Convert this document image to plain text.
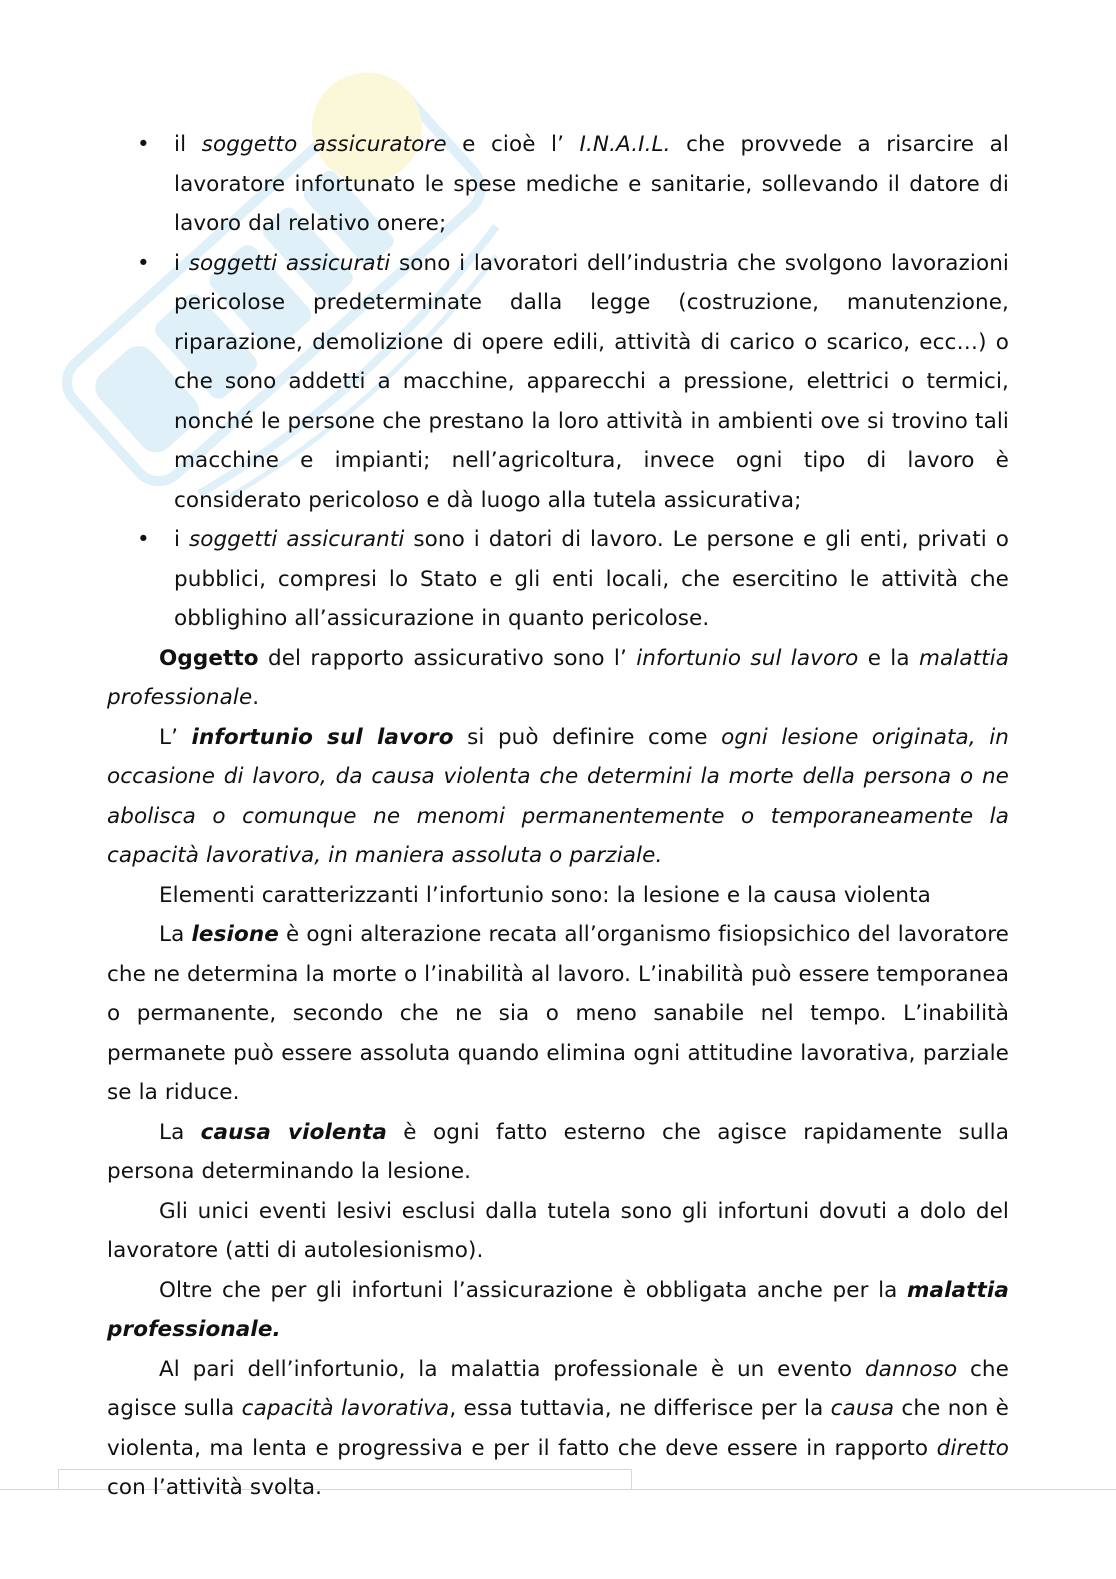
• il soggetto assicuratore e cioè l’ I.N.A.I.L. che provvede a risarcire al lavoratore infortunato le spese mediche e sanitarie, sollevando il datore di lavoro dal relativo onere;
• i soggetti assicurati sono i lavoratori dell’industria che svolgono lavorazioni pericolose predeterminate dalla legge (costruzione, manutenzione, riparazione, demolizione di opere edili, attività di carico o scarico, ecc…) o che sono addetti a macchine, apparecchi a pressione, elettrici o termici, nonché le persone che prestano la loro attività in ambienti ove si trovino tali macchine e impianti; nell’agricoltura, invece ogni tipo di lavoro è considerato pericoloso e dà luogo alla tutela assicurativa;
• i soggetti assicuranti sono i datori di lavoro. Le persone e gli enti, privati o pubblici, compresi lo Stato e gli enti locali, che esercitino le attività che obblighino all’assicurazione in quanto pericolose.

Oggetto del rapporto assicurativo sono l’ infortunio sul lavoro e la malattia professionale.

L’ infortunio sul lavoro si può definire come ogni lesione originata, in occasione di lavoro, da causa violenta che determini la morte della persona o ne abolisca o comunque ne menomi permanentemente o temporaneamente la capacità lavorativa, in maniera assoluta o parziale.

Elementi caratterizzanti l’infortunio sono: la lesione e la causa violenta

La lesione è ogni alterazione recata all’organismo fisiopsichico del lavoratore che ne determina la morte o l’inabilità al lavoro. L’inabilità può essere temporanea o permanente, secondo che ne sia o meno sanabile nel tempo. L’inabilità permanete può essere assoluta quando elimina ogni attitudine lavorativa, parziale se la riduce.

La causa violenta è ogni fatto esterno che agisce rapidamente sulla persona determinando la lesione.

Gli unici eventi lesivi esclusi dalla tutela sono gli infortuni dovuti a dolo del lavoratore (atti di autolesionismo).

Oltre che per gli infortuni l’assicurazione è obbligata anche per la malattia professionale.

Al pari dell’infortunio, la malattia professionale è un evento dannoso che agisce sulla capacità lavorativa, essa tuttavia, ne differisce per la causa che non è violenta, ma lenta e progressiva e per il fatto che deve essere in rapporto diretto con l’attività svolta.
